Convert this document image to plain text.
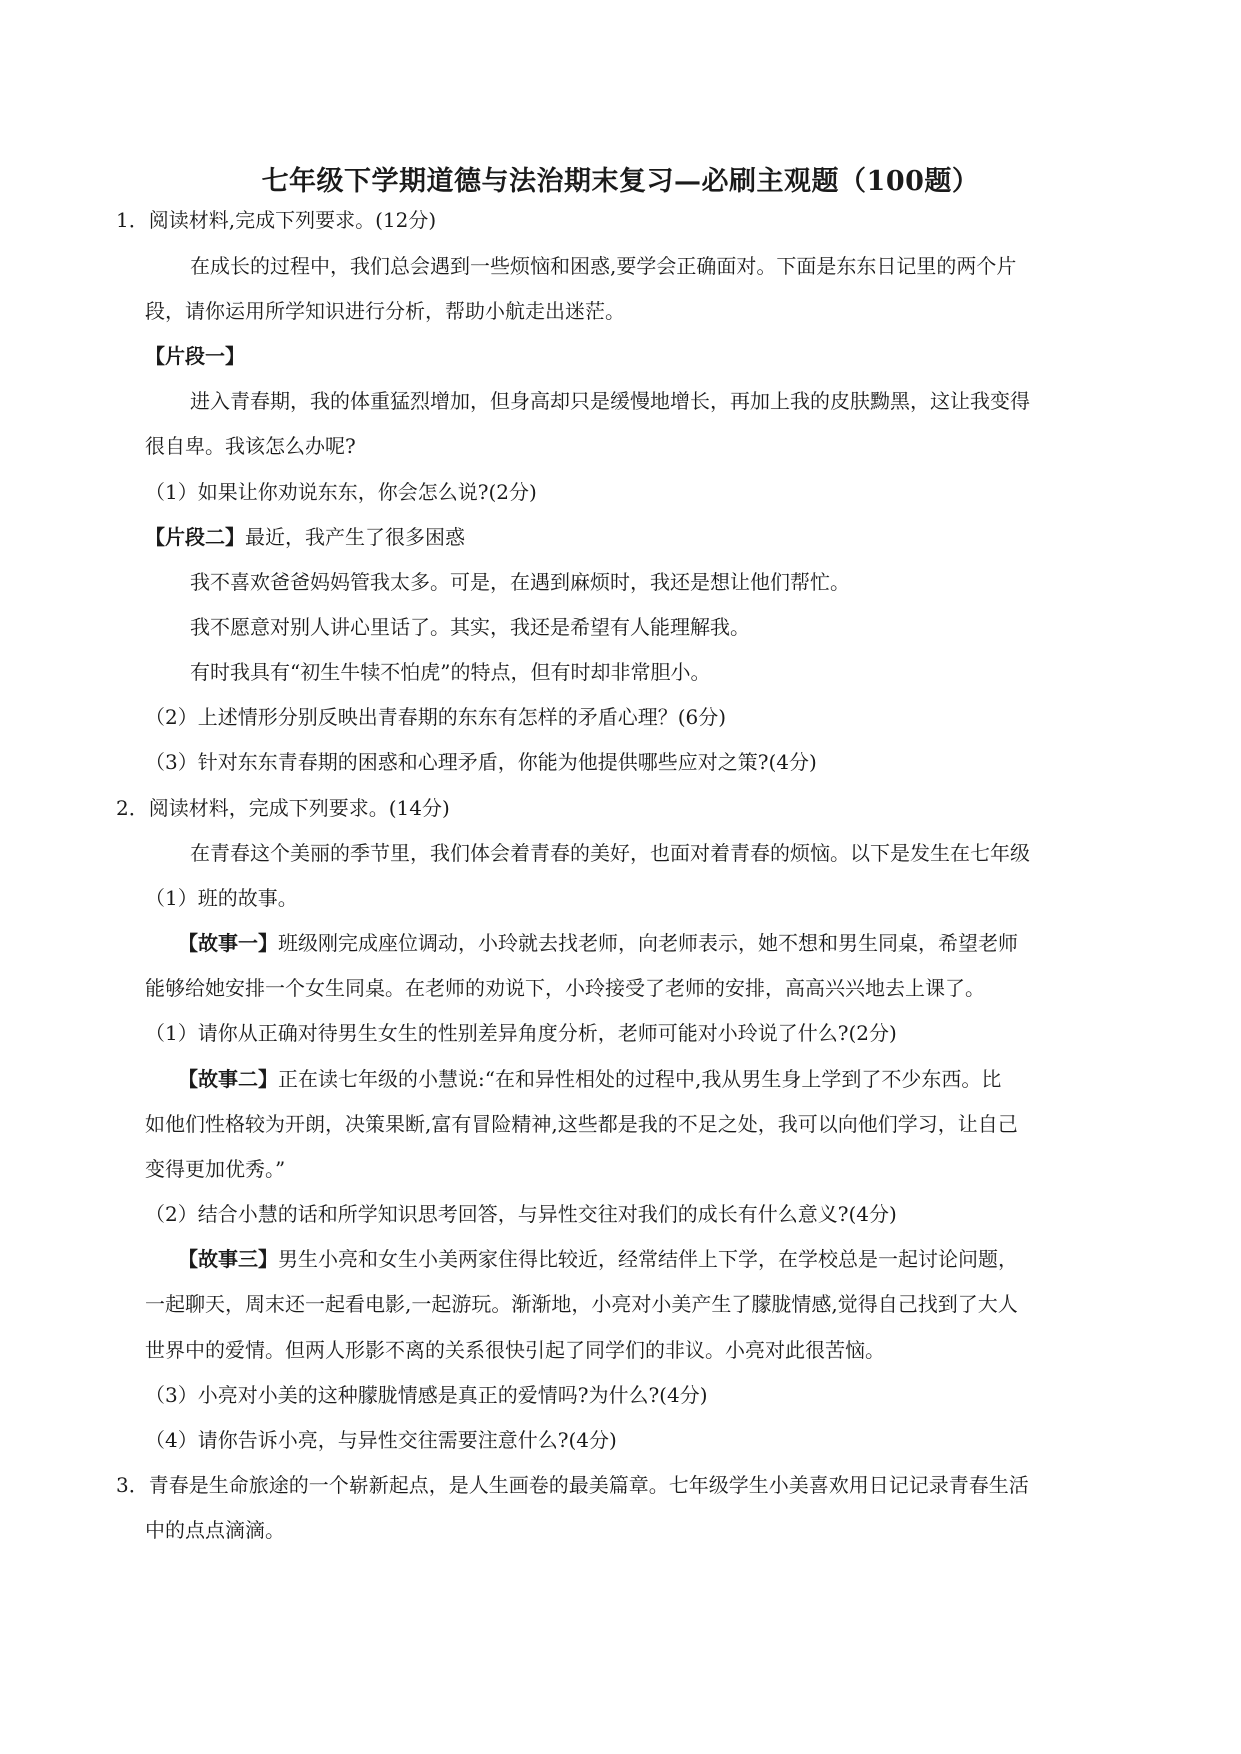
七年级下学期道德与法治期末复习—必刷主观题（100题）
1．阅读材料,完成下列要求。(12分)
在成长的过程中，我们总会遇到一些烦恼和困惑,要学会正确面对。下面是东东日记里的两个片
段，请你运用所学知识进行分析，帮助小航走出迷茫。
【片段一】
进入青春期，我的体重猛烈增加，但身高却只是缓慢地增长，再加上我的皮肤黝黑，这让我变得
很自卑。我该怎么办呢?
（1）如果让你劝说东东，你会怎么说?(2分)
【片段二】最近，我产生了很多困惑
我不喜欢爸爸妈妈管我太多。可是，在遇到麻烦时，我还是想让他们帮忙。
我不愿意对别人讲心里话了。其实，我还是希望有人能理解我。
有时我具有“初生牛犊不怕虎”的特点，但有时却非常胆小。
（2）上述情形分别反映出青春期的东东有怎样的矛盾心理？(6分)
（3）针对东东青春期的困惑和心理矛盾，你能为他提供哪些应对之策?(4分)
2．阅读材料，完成下列要求。(14分)
在青春这个美丽的季节里，我们体会着青春的美好，也面对着青春的烦恼。以下是发生在七年级
（1）班的故事。
【故事一】班级刚完成座位调动，小玲就去找老师，向老师表示，她不想和男生同桌，希望老师
能够给她安排一个女生同桌。在老师的劝说下，小玲接受了老师的安排，高高兴兴地去上课了。
（1）请你从正确对待男生女生的性别差异角度分析，老师可能对小玲说了什么?(2分)
【故事二】正在读七年级的小慧说:“在和异性相处的过程中,我从男生身上学到了不少东西。比
如他们性格较为开朗，决策果断,富有冒险精神,这些都是我的不足之处，我可以向他们学习，让自己
变得更加优秀。”
（2）结合小慧的话和所学知识思考回答，与异性交往对我们的成长有什么意义?(4分)
【故事三】男生小亮和女生小美两家住得比较近，经常结伴上下学，在学校总是一起讨论问题，
一起聊天，周末还一起看电影,一起游玩。渐渐地，小亮对小美产生了朦胧情感,觉得自己找到了大人
世界中的爱情。但两人形影不离的关系很快引起了同学们的非议。小亮对此很苦恼。
（3）小亮对小美的这种朦胧情感是真正的爱情吗?为什么?(4分)
（4）请你告诉小亮，与异性交往需要注意什么?(4分)
3．青春是生命旅途的一个崭新起点，是人生画卷的最美篇章。七年级学生小美喜欢用日记记录青春生活
中的点点滴滴。
